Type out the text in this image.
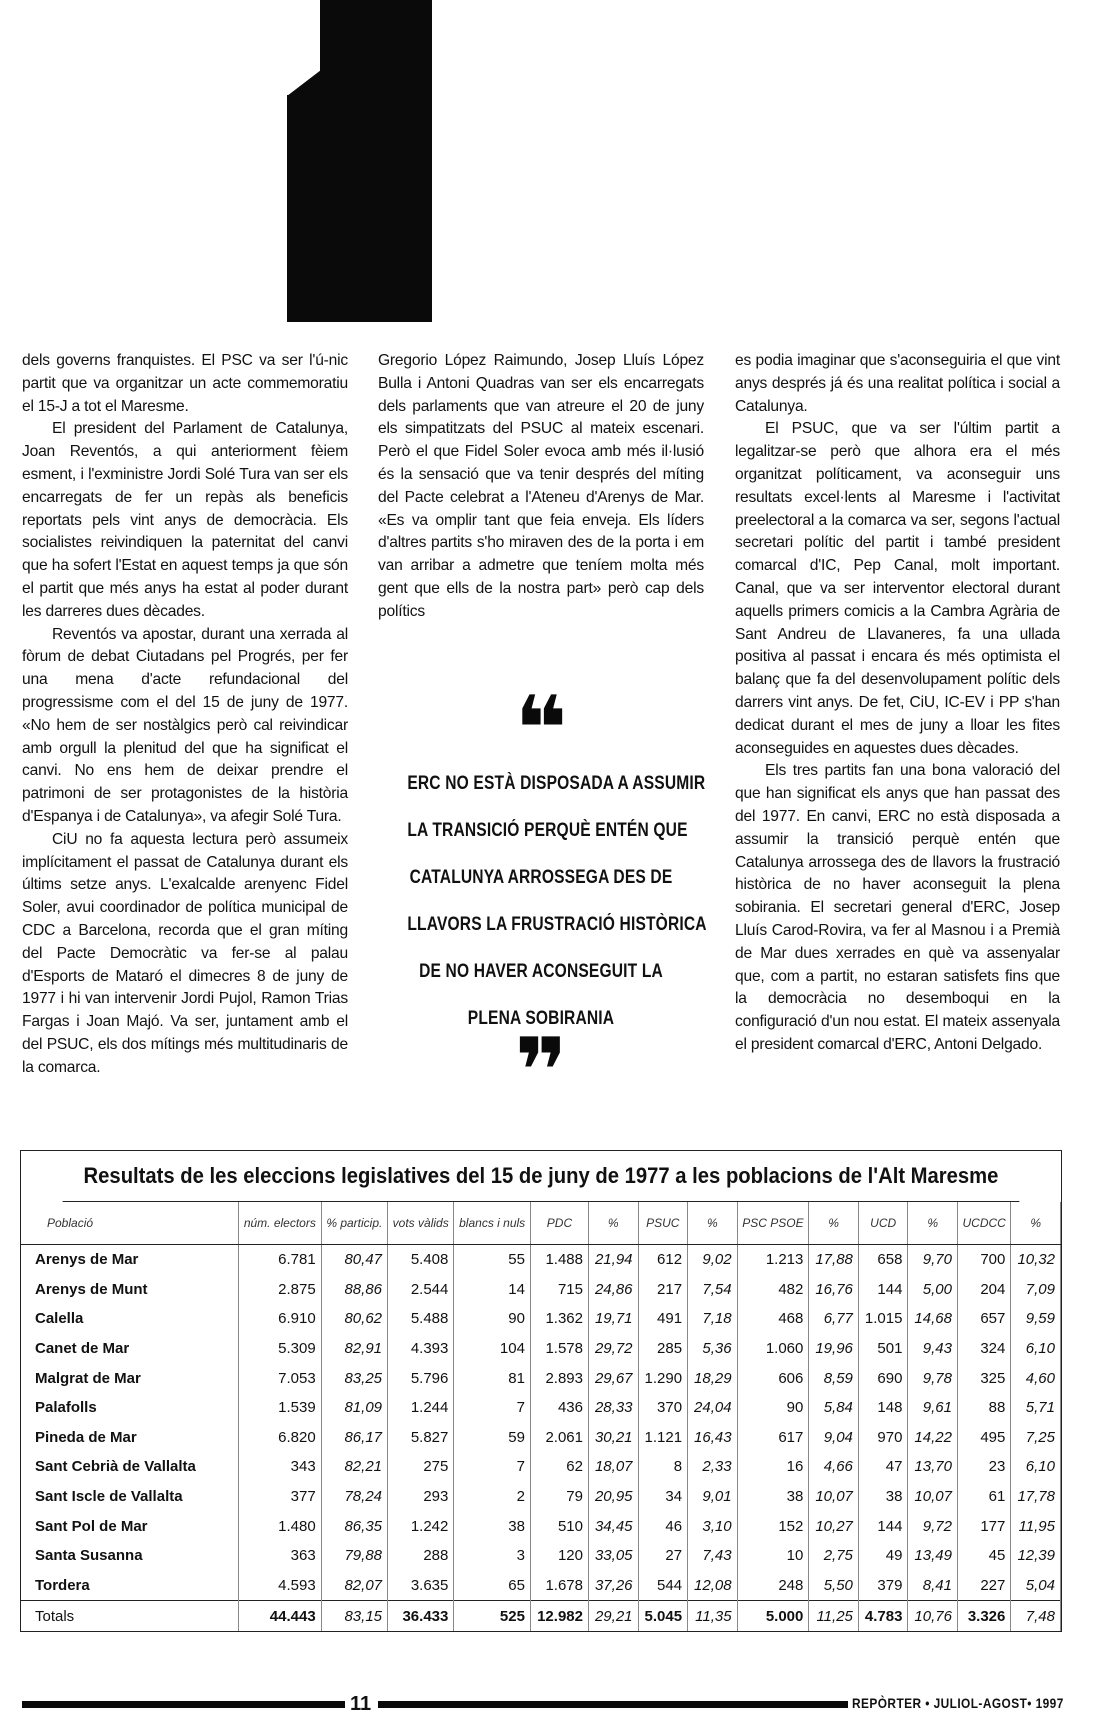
dels governs franquistes. El PSC va ser l'ú-nic partit que va organitzar un acte commemoratiu el 15-J a tot el Maresme.

El president del Parlament de Catalunya, Joan Reventós, a qui anteriorment fèiem esment, i l'exministre Jordi Solé Tura van ser els encarregats de fer un repàs als beneficis reportats pels vint anys de democràcia. Els socialistes reivindiquen la paternitat del canvi que ha sofert l'Estat en aquest temps ja que són el partit que més anys ha estat al poder durant les darreres dues dècades.

Reventós va apostar, durant una xerrada al fòrum de debat Ciutadans pel Progrés, per fer una mena d'acte refundacional del progressisme com el del 15 de juny de 1977. «No hem de ser nostàlgics però cal reivindicar amb orgull la plenitud del que ha significat el canvi. No ens hem de deixar prendre el patrimoni de ser protagonistes de la història d'Espanya i de Catalunya», va afegir Solé Tura.

CiU no fa aquesta lectura però assumeix implícitament el passat de Catalunya durant els últims setze anys. L'exalcalde arenyenc Fidel Soler, avui coordinador de política municipal de CDC a Barcelona, recorda que el gran míting del Pacte Democràtic va fer-se al palau d'Esports de Mataró el dimecres 8 de juny de 1977 i hi van intervenir Jordi Pujol, Ramon Trias Fargas i Joan Majó. Va ser, juntament amb el del PSUC, els dos mítings més multitudinaris de la comarca.

Gregorio López Raimundo, Josep Lluís López Bulla i Antoni Quadras van ser els encarregats dels parlaments que van atreure el 20 de juny els simpatitzats del PSUC al mateix escenari. Però el que Fidel Soler evoca amb més il·lusió és la sensació que va tenir després del míting del Pacte celebrat a l'Ateneu d'Arenys de Mar. «Es va omplir tant que feia enveja. Els líders d'altres partits s'ho miraven des de la porta i em van arribar a admetre que teníem molta més gent que ells de la nostra part» però cap dels polítics

❝
ERC NO ESTÀ DISPOSADA A ASSUMIR
LA TRANSICIÓ PERQUÈ ENTÉN QUE
CATALUNYA ARROSSEGA DES DE
LLAVORS LA FRUSTRACIÓ HISTÒRICA
DE NO HAVER ACONSEGUIT LA
PLENA SOBIRANIA
❞

es podia imaginar que s'aconseguiria el que vint anys després já és una realitat política i social a Catalunya.

El PSUC, que va ser l'últim partit a legalitzar-se però que alhora era el més organitzat políticament, va aconseguir uns resultats excel·lents al Maresme i l'activitat preelectoral a la comarca va ser, segons l'actual secretari polític del partit i també president comarcal d'IC, Pep Canal, molt important. Canal, que va ser interventor electoral durant aquells primers comicis a la Cambra Agrària de Sant Andreu de Llavaneres, fa una ullada positiva al passat i encara és més optimista el balanç que fa del desenvolupament polític dels darrers vint anys. De fet, CiU, IC-EV i PP s'han dedicat durant el mes de juny a lloar les fites aconseguides en aquestes dues dècades.

Els tres partits fan una bona valoració del que han significat els anys que han passat des del 1977. En canvi, ERC no està disposada a assumir la transició perquè entén que Catalunya arrossega des de llavors la frustració històrica de no haver aconseguit la plena sobirania. El secretari general d'ERC, Josep Lluís Carod-Rovira, va fer al Masnou i a Premià de Mar dues xerrades en què va assenyalar que, com a partit, no estaran satisfets fins que la democràcia no desemboqui en la configuració d'un nou estat. El mateix assenyala el president comarcal d'ERC, Antoni Delgado.

Resultats de les eleccions legislatives del 15 de juny de 1977 a les poblacions de l'Alt Maresme
Població	núm. electors	% particip.	vots vàlids	blancs i nuls	PDC	%	PSUC	%	PSC PSOE	%	UCD	%	UCDCC	%
Arenys de Mar	6.781	80,47	5.408	55	1.488	21,94	612	9,02	1.213	17,88	658	9,70	700	10,32
Arenys de Munt	2.875	88,86	2.544	14	715	24,86	217	7,54	482	16,76	144	5,00	204	7,09
Calella	6.910	80,62	5.488	90	1.362	19,71	491	7,18	468	6,77	1.015	14,68	657	9,59
Canet de Mar	5.309	82,91	4.393	104	1.578	29,72	285	5,36	1.060	19,96	501	9,43	324	6,10
Malgrat de Mar	7.053	83,25	5.796	81	2.893	29,67	1.290	18,29	606	8,59	690	9,78	325	4,60
Palafolls	1.539	81,09	1.244	7	436	28,33	370	24,04	90	5,84	148	9,61	88	5,71
Pineda de Mar	6.820	86,17	5.827	59	2.061	30,21	1.121	16,43	617	9,04	970	14,22	495	7,25
Sant Cebrià de Vallalta	343	82,21	275	7	62	18,07	8	2,33	16	4,66	47	13,70	23	6,10
Sant Iscle de Vallalta	377	78,24	293	2	79	20,95	34	9,01	38	10,07	38	10,07	61	17,78
Sant Pol de Mar	1.480	86,35	1.242	38	510	34,45	46	3,10	152	10,27	144	9,72	177	11,95
Santa Susanna	363	79,88	288	3	120	33,05	27	7,43	10	2,75	49	13,49	45	12,39
Tordera	4.593	82,07	3.635	65	1.678	37,26	544	12,08	248	5,50	379	8,41	227	5,04
Totals	44.443	83,15	36.433	525	12.982	29,21	5.045	11,35	5.000	11,25	4.783	10,76	3.326	7,48
11	REPÒRTER • JULIOL-AGOST• 1997
